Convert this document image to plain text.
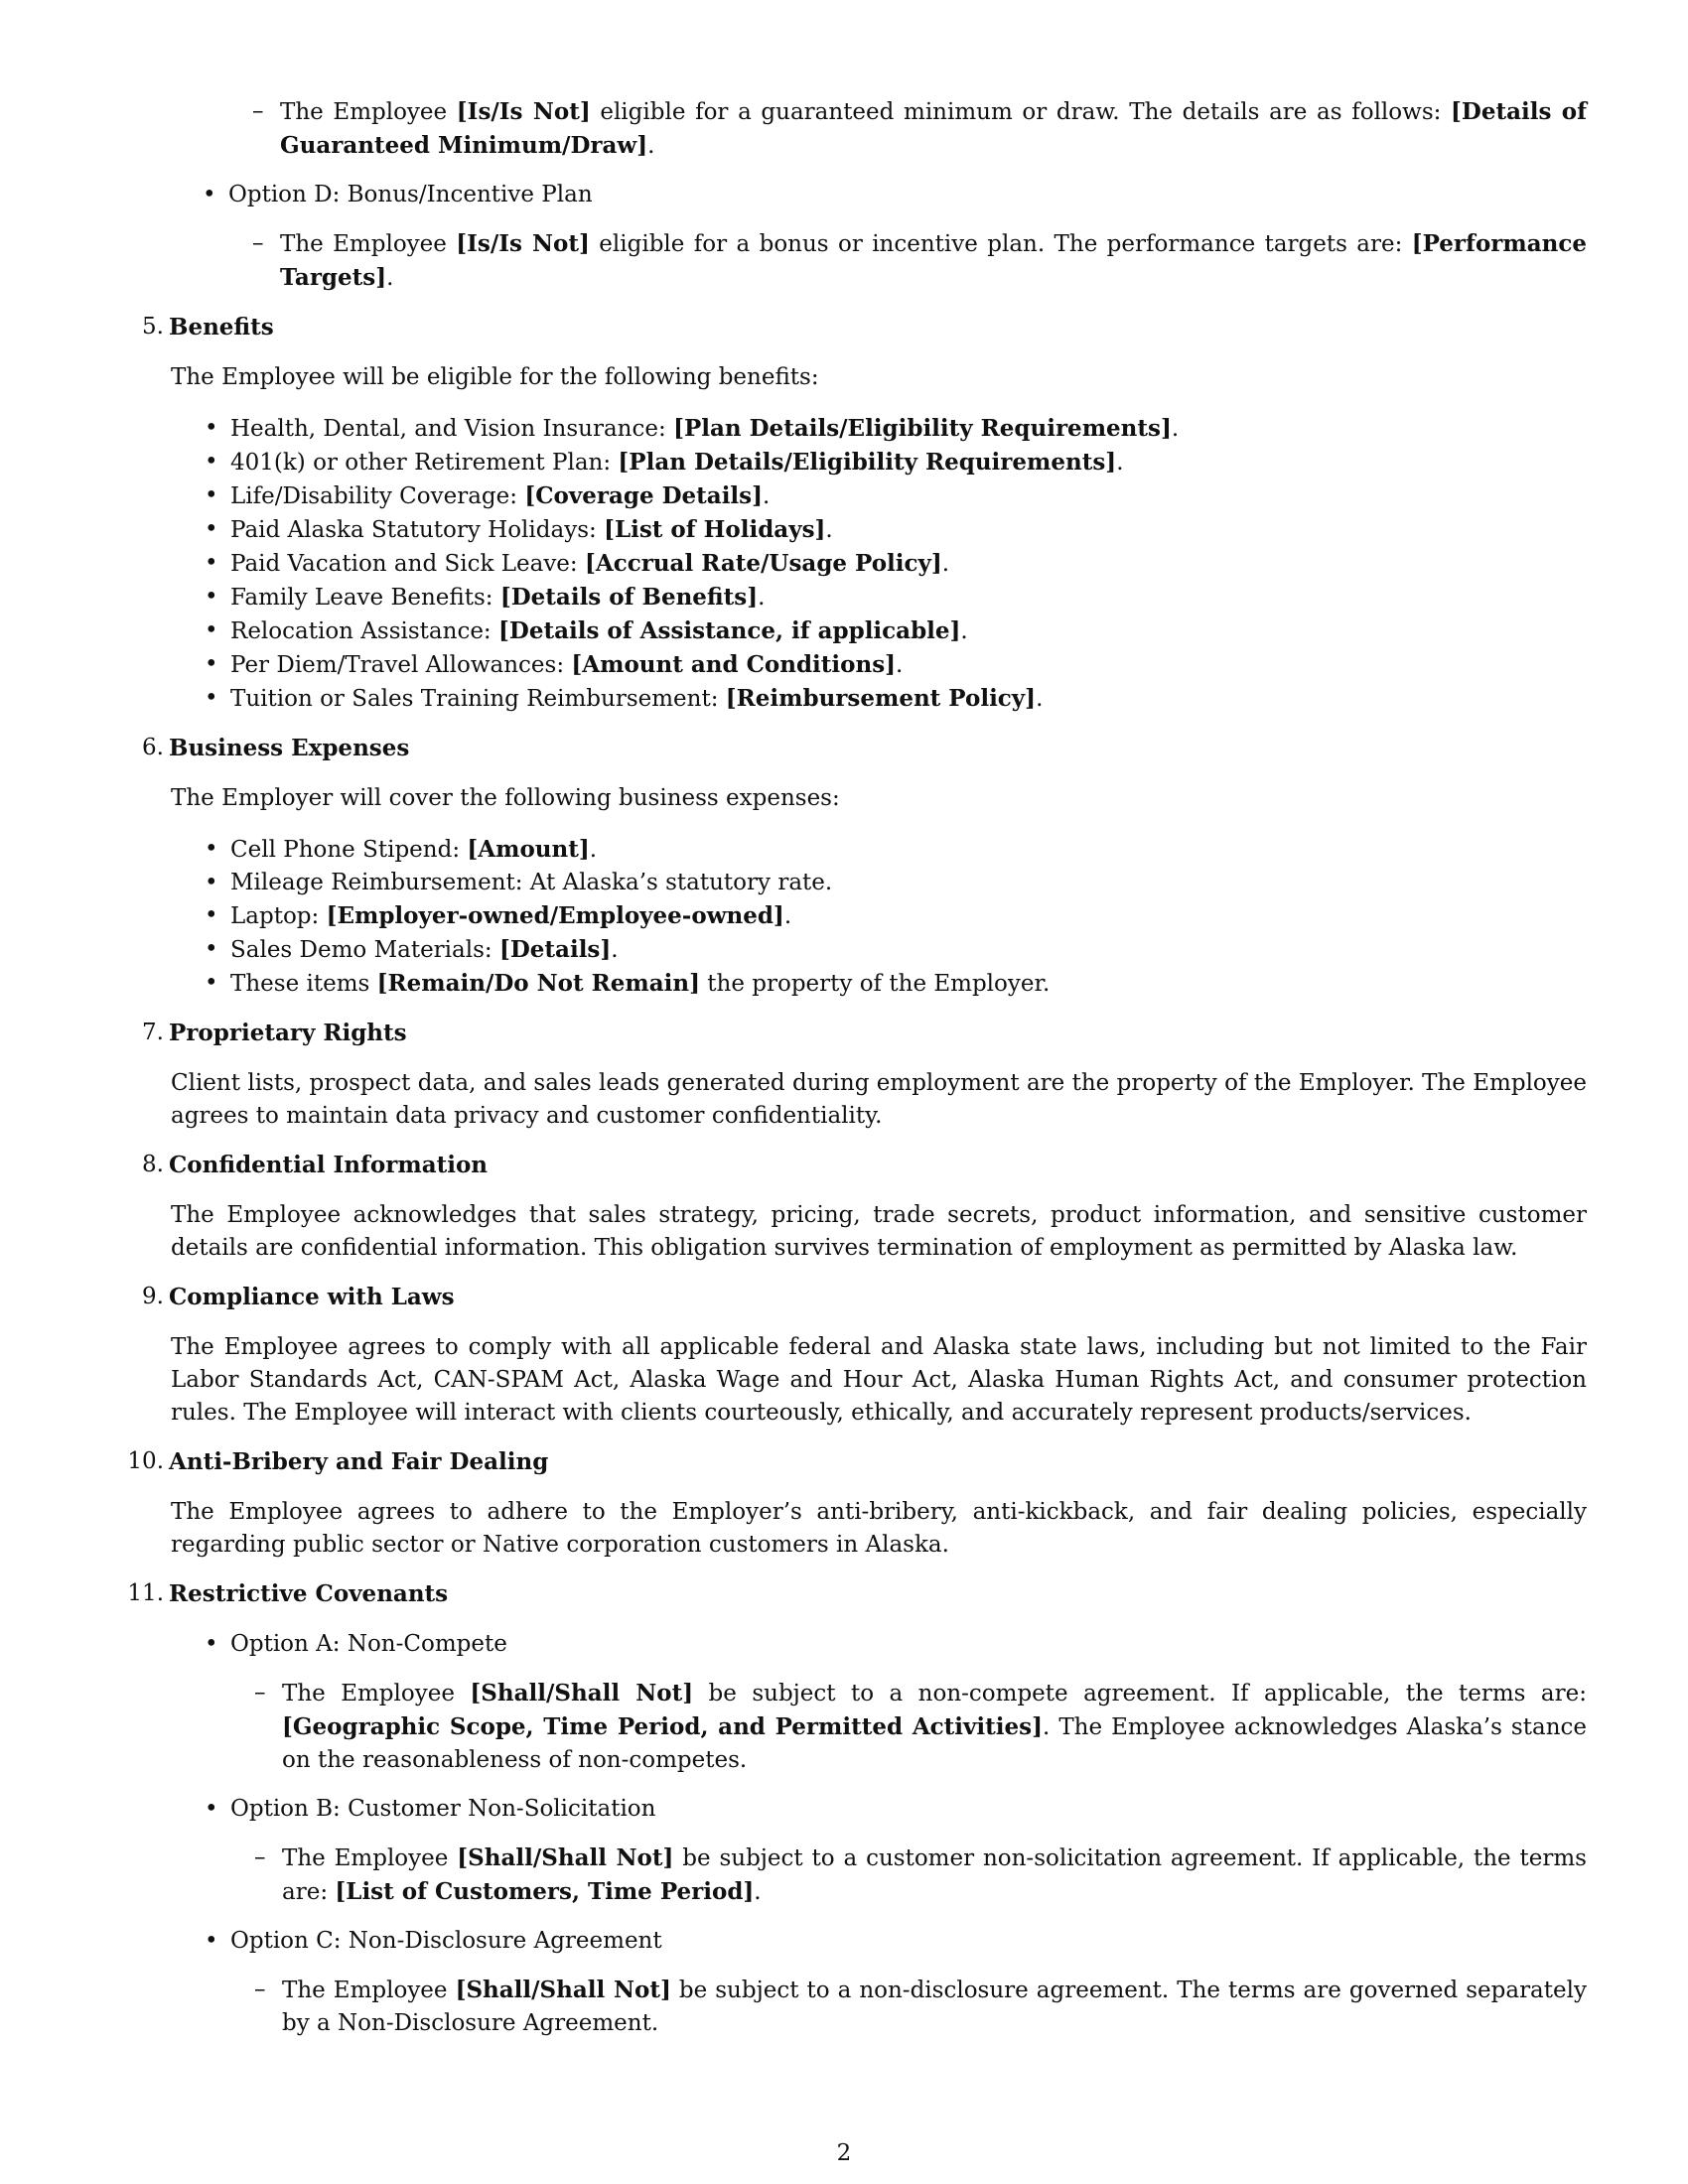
– The Employee [Is/Is Not] eligible for a guaranteed minimum or draw. The details are as follows: [Details of Guaranteed Minimum/Draw].

• Option D: Bonus/Incentive Plan

– The Employee [Is/Is Not] eligible for a bonus or incentive plan. The performance targets are: [Performance Targets].

5. Benefits

The Employee will be eligible for the following benefits:

• Health, Dental, and Vision Insurance: [Plan Details/Eligibility Requirements].

• 401(k) or other Retirement Plan: [Plan Details/Eligibility Requirements].

• Life/Disability Coverage: [Coverage Details].

• Paid Alaska Statutory Holidays: [List of Holidays].

• Paid Vacation and Sick Leave: [Accrual Rate/Usage Policy].

• Family Leave Benefits: [Details of Benefits].

• Relocation Assistance: [Details of Assistance, if applicable].

• Per Diem/Travel Allowances: [Amount and Conditions].

• Tuition or Sales Training Reimbursement: [Reimbursement Policy].

6. Business Expenses

The Employer will cover the following business expenses:

• Cell Phone Stipend: [Amount].

• Mileage Reimbursement: At Alaska’s statutory rate.

• Laptop: [Employer-owned/Employee-owned].

• Sales Demo Materials: [Details].

• These items [Remain/Do Not Remain] the property of the Employer.

7. Proprietary Rights

Client lists, prospect data, and sales leads generated during employment are the property of the Employer. The Employee agrees to maintain data privacy and customer confidentiality.

8. Confidential Information

The Employee acknowledges that sales strategy, pricing, trade secrets, product information, and sensitive customer details are confidential information. This obligation survives termination of employment as permitted by Alaska law.

9. Compliance with Laws

The Employee agrees to comply with all applicable federal and Alaska state laws, including but not limited to the Fair Labor Standards Act, CAN-SPAM Act, Alaska Wage and Hour Act, Alaska Human Rights Act, and consumer protection rules. The Employee will interact with clients courteously, ethically, and accurately represent products/services.

10. Anti-Bribery and Fair Dealing

The Employee agrees to adhere to the Employer’s anti-bribery, anti-kickback, and fair dealing policies, especially regarding public sector or Native corporation customers in Alaska.

11. Restrictive Covenants

• Option A: Non-Compete

– The Employee [Shall/Shall Not] be subject to a non-compete agreement. If applicable, the terms are: [Geographic Scope, Time Period, and Permitted Activities]. The Employee acknowledges Alaska’s stance on the reasonableness of non-competes.

• Option B: Customer Non-Solicitation

– The Employee [Shall/Shall Not] be subject to a customer non-solicitation agreement. If applicable, the terms are: [List of Customers, Time Period].

• Option C: Non-Disclosure Agreement

– The Employee [Shall/Shall Not] be subject to a non-disclosure agreement. The terms are governed separately by a Non-Disclosure Agreement.

2
